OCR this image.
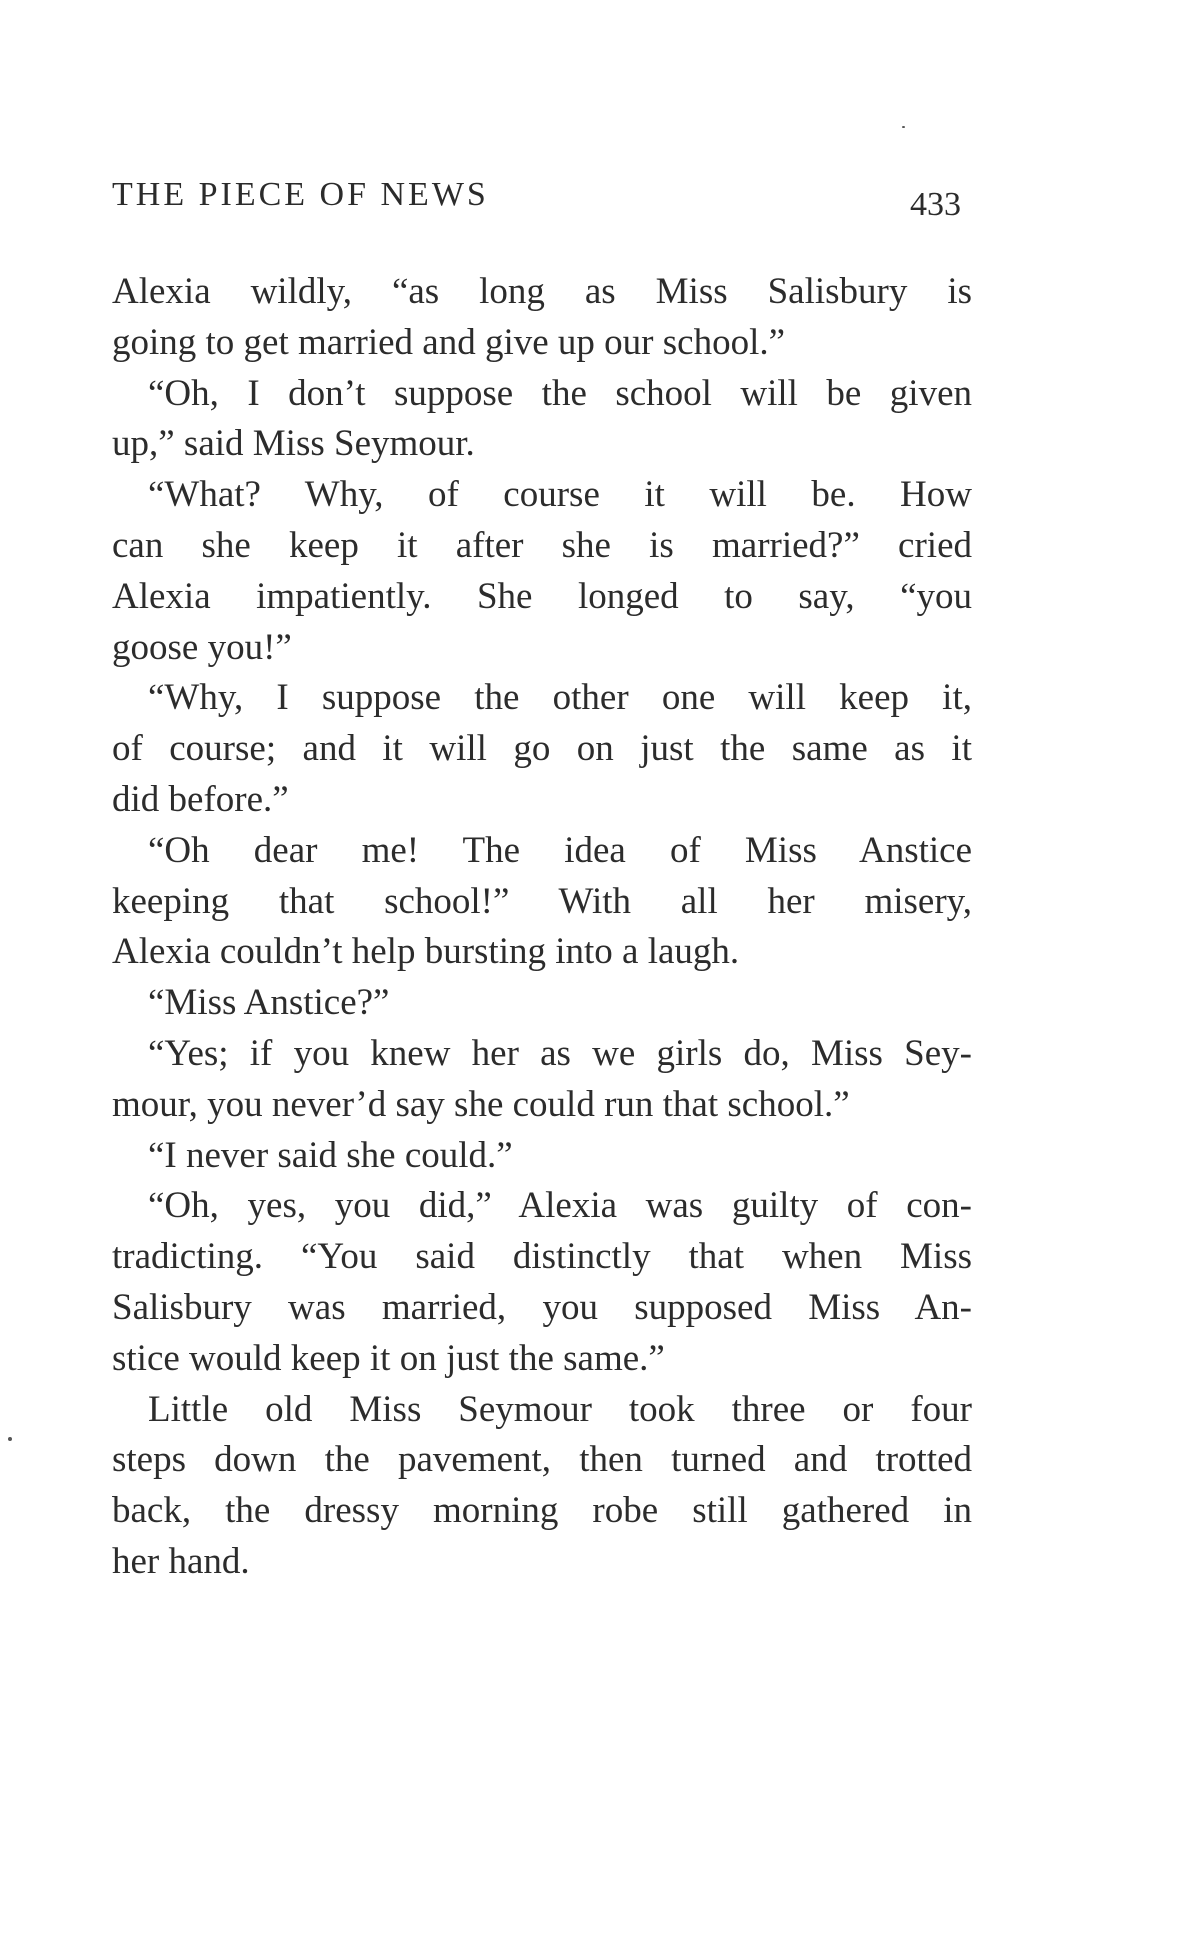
THE PIECE OF NEWS	433
Alexia wildly, “as long as Miss Salisbury is
going to get married and give up our school.”
“Oh, I don’t suppose the school will be given
up,” said Miss Seymour.
“What? Why, of course it will be. How
can she keep it after she is married?” cried
Alexia impatiently. She longed to say, “you
goose you!”
“Why, I suppose the other one will keep it,
of course; and it will go on just the same as it
did before.”
“Oh dear me! The idea of Miss Anstice
keeping that school!” With all her misery,
Alexia couldn’t help bursting into a laugh.
“Miss Anstice?”
“Yes; if you knew her as we girls do, Miss Sey-
mour, you never’d say she could run that school.”
“I never said she could.”
“Oh, yes, you did,” Alexia was guilty of con-
tradicting. “You said distinctly that when Miss
Salisbury was married, you supposed Miss An-
stice would keep it on just the same.”
Little old Miss Seymour took three or four
steps down the pavement, then turned and trotted
back, the dressy morning robe still gathered in
her hand.
